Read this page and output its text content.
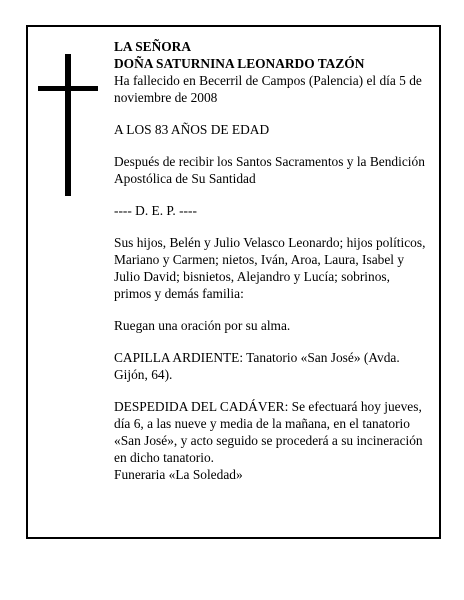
LA SEÑORA
DOÑA SATURNINA LEONARDO TAZÓN

Ha fallecido en Becerril de Campos (Palencia) el día 5 de noviembre de 2008

A LOS 83 AÑOS DE EDAD

Después de recibir los Santos Sacramentos y la Bendición Apostólica de Su Santidad

---- D. E. P. ----

Sus hijos, Belén y Julio Velasco Leonardo; hijos políticos, Mariano y Carmen; nietos, Iván, Aroa, Laura, Isabel y Julio David; bisnietos, Alejandro y Lucía; sobrinos, primos y demás familia:

Ruegan una oración por su alma.

CAPILLA ARDIENTE: Tanatorio «San José» (Avda. Gijón, 64).

DESPEDIDA DEL CADÁVER: Se efectuará hoy jueves, día 6, a las nueve y media de la mañana, en el tanatorio «San José», y acto seguido se procederá a su incineración en dicho tanatorio.

Funeraria «La Soledad»
